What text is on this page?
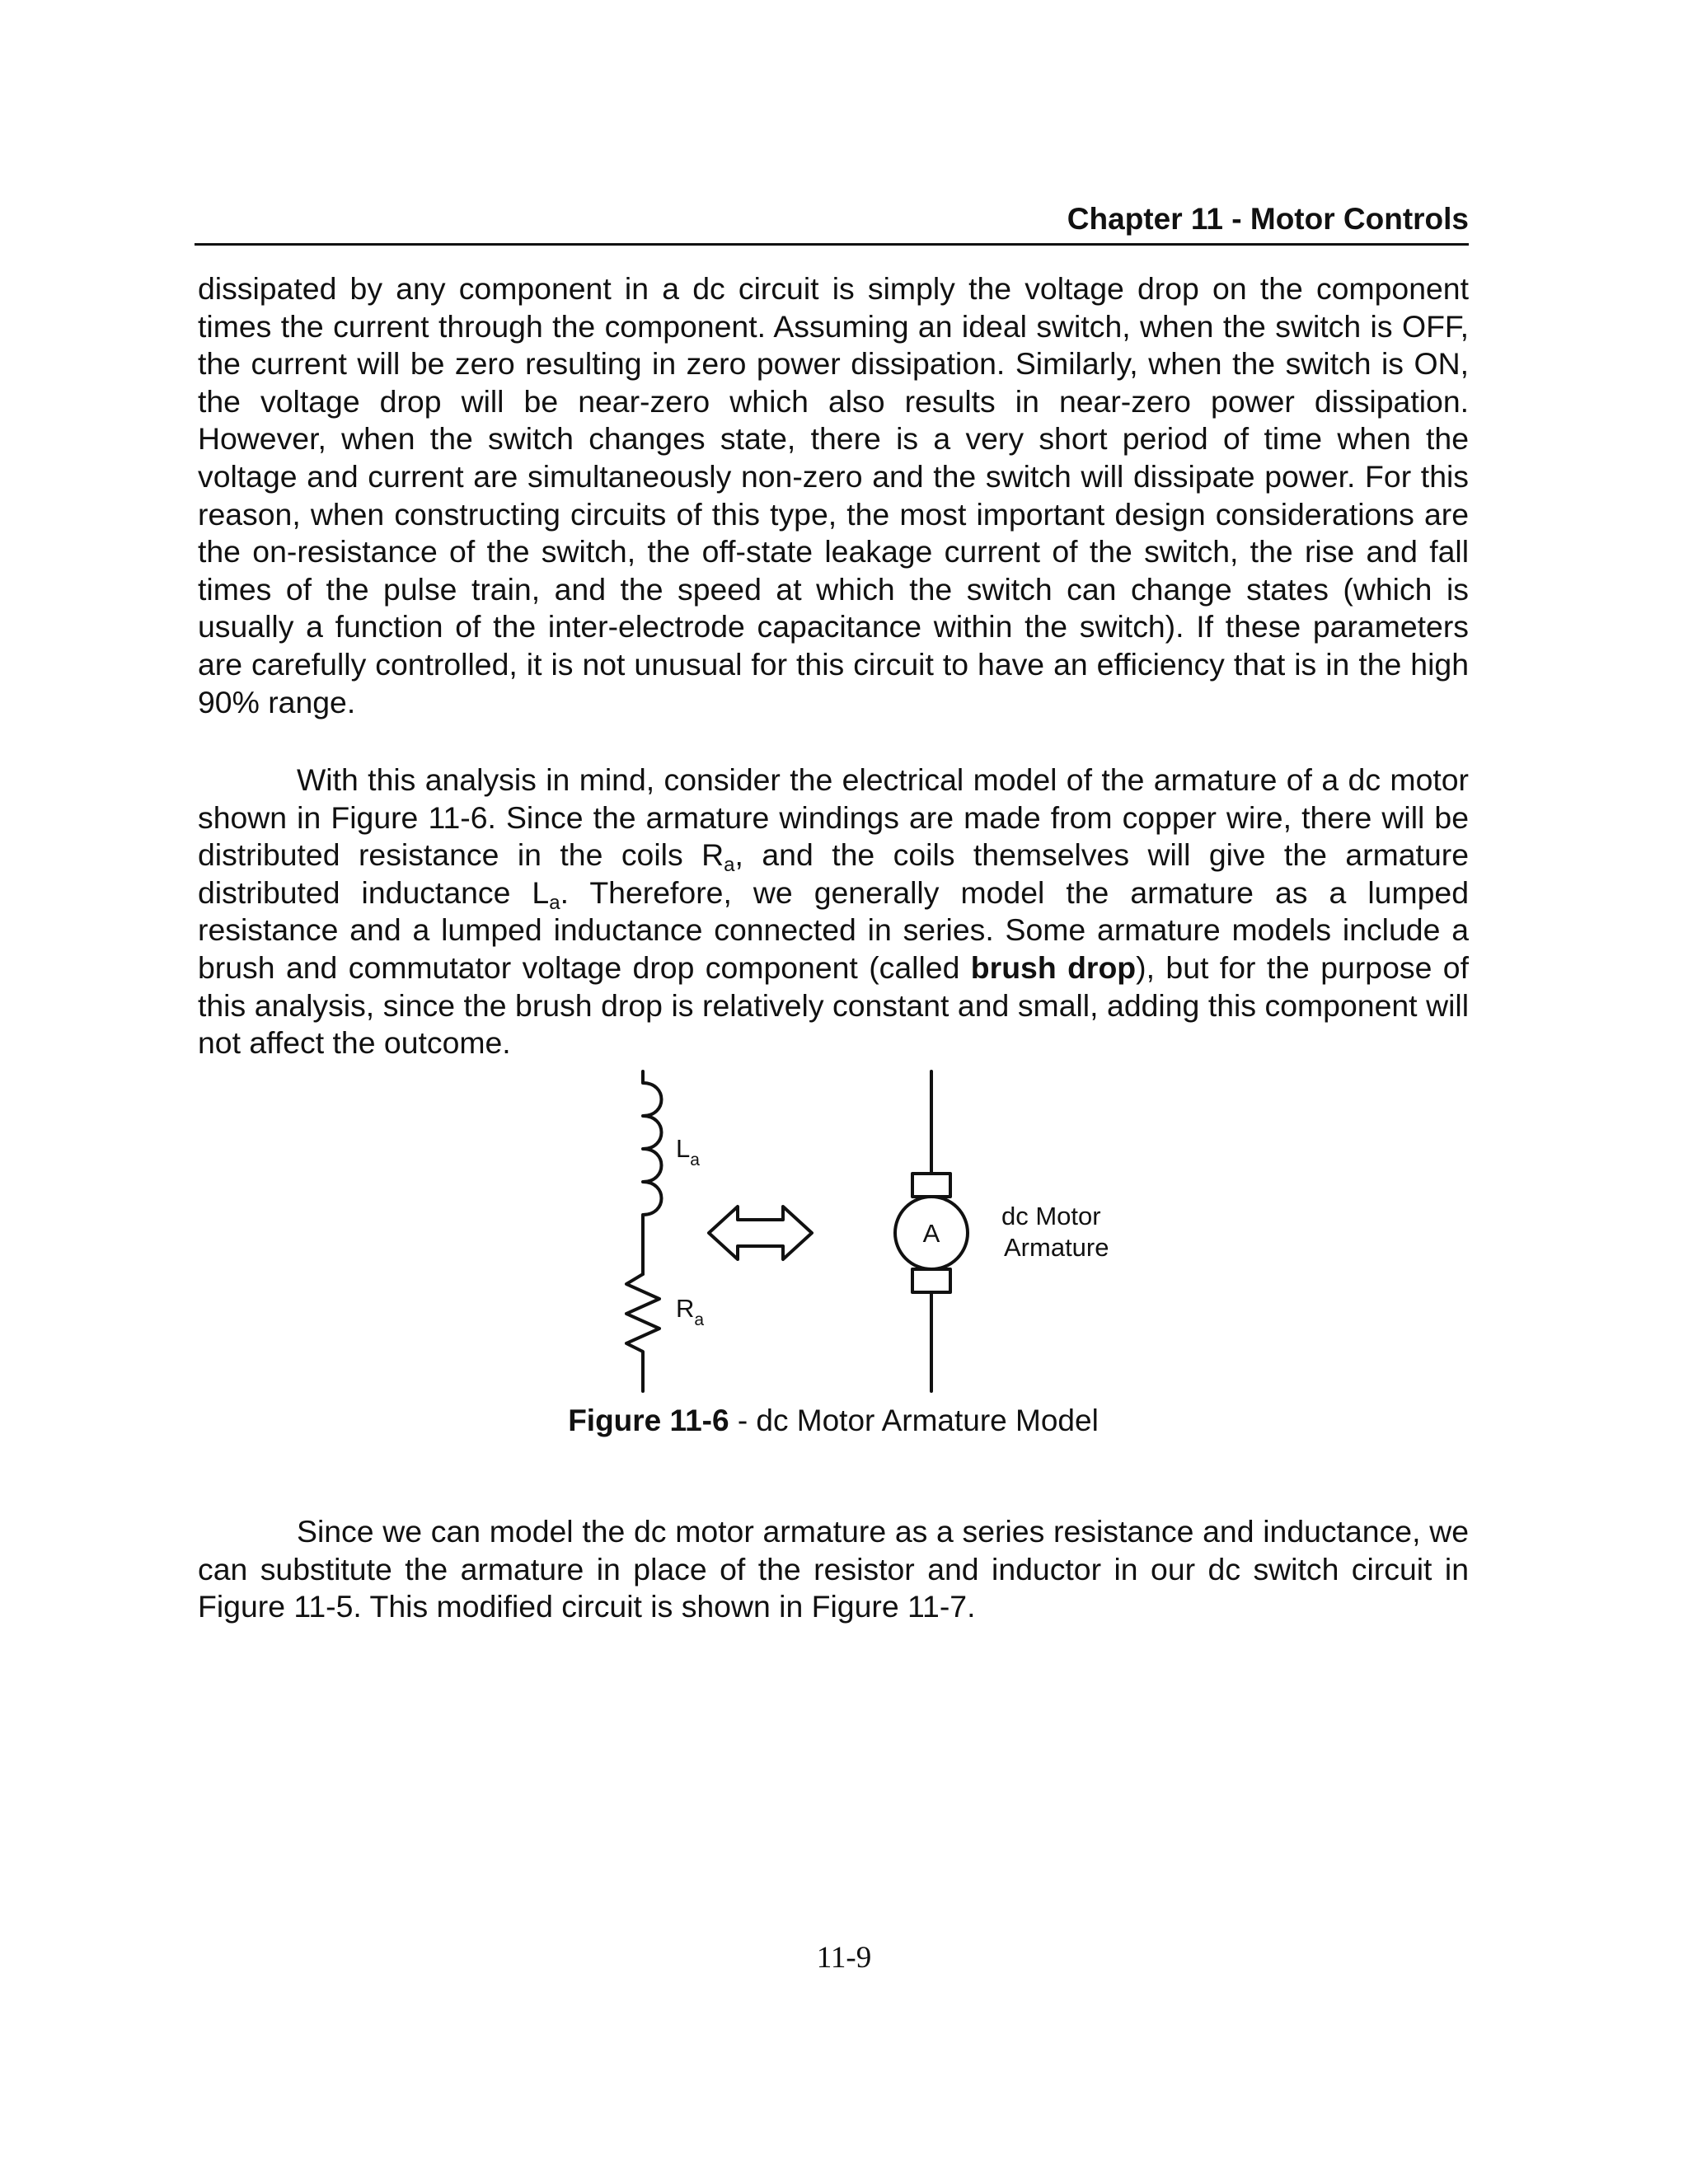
Chapter 11 - Motor Controls

dissipated by any component in a dc circuit is simply the voltage drop on the component times the current through the component. Assuming an ideal switch, when the switch is OFF, the current will be zero resulting in zero power dissipation. Similarly, when the switch is ON, the voltage drop will be near-zero which also results in near-zero power dissipation. However, when the switch changes state, there is a very short period of time when the voltage and current are simultaneously non-zero and the switch will dissipate power. For this reason, when constructing circuits of this type, the most important design considerations are the on-resistance of the switch, the off-state leakage current of the switch, the rise and fall times of the pulse train, and the speed at which the switch can change states (which is usually a function of the inter-electrode capacitance within the switch). If these parameters are carefully controlled, it is not unusual for this circuit to have an efficiency that is in the high 90% range.

With this analysis in mind, consider the electrical model of the armature of a dc motor shown in Figure 11-6. Since the armature windings are made from copper wire, there will be distributed resistance in the coils $R_a$, and the coils themselves will give the armature distributed inductance $L_a$. Therefore, we generally model the armature as a lumped resistance and a lumped inductance connected in series. Some armature models include a brush and commutator voltage drop component (called brush drop), but for the purpose of this analysis, since the brush drop is relatively constant and small, adding this component will not affect the outcome.

$L_a$
$R_a$
A
dc Motor
Armature
Figure 11-6 - dc Motor Armature Model

Since we can model the dc motor armature as a series resistance and inductance, we can substitute the armature in place of the resistor and inductor in our dc switch circuit in Figure 11-5. This modified circuit is shown in Figure 11-7.

11-9
